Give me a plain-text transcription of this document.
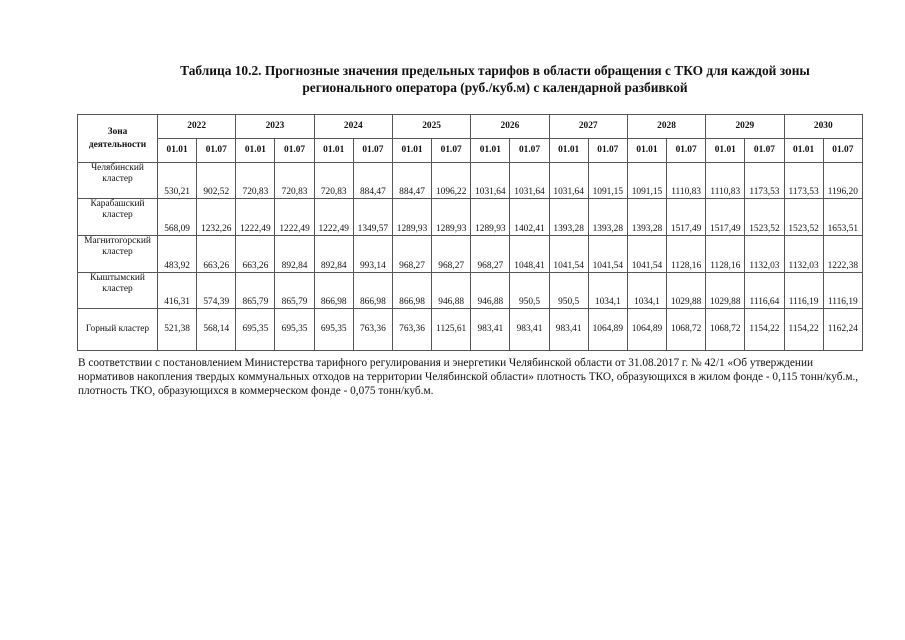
Таблица 10.2. Прогнозные значения предельных тарифов в области обращения с ТКО для каждой зоны
регионального оператора (руб./куб.м) с календарной разбивкой
Зона
деятельности	2022		2023		2024		2025		2026		2027		2028		2029		2030	
	01.01	01.07	01.01	01.07	01.01	01.07	01.01	01.07	01.01	01.07	01.01	01.07	01.01	01.07	01.01	01.07	01.01	01.07

Челябинский
кластер	530,21	902,52	720,83	720,83	720,83	884,47	884,47	1096,22	1031,64	1031,64	1031,64	1091,15	1091,15	1110,83	1110,83	1173,53	1173,53	1196,20

Карабашский
кластер	568,09	1232,26	1222,49	1222,49	1222,49	1349,57	1289,93	1289,93	1289,93	1402,41	1393,28	1393,28	1393,28	1517,49	1517,49	1523,52	1523,52	1653,51

Магнитогорский
кластер	483,92	663,26	663,26	892,84	892,84	993,14	968,27	968,27	968,27	1048,41	1041,54	1041,54	1041,54	1128,16	1128,16	1132,03	1132,03	1222,38

Кыштымский
кластер	416,31	574,39	865,79	865,79	866,98	866,98	866,98	946,88	946,88	950,5	950,5	1034,1	1034,1	1029,88	1029,88	1116,64	1116,19	1116,19

Горный кластер	521,38	568,14	695,35	695,35	695,35	763,36	763,36	1125,61	983,41	983,41	983,41	1064,89	1064,89	1068,72	1068,72	1154,22	1154,22	1162,24
В соответствии с постановлением Министерства тарифного регулирования и энергетики Челябинской области от 31.08.2017 г. № 42/1 «Об утверждении нормативов накопления твердых коммунальных отходов на территории Челябинской области» плотность ТКО, образующихся в жилом фонде - 0,115 тонн/куб.м., плотность ТКО, образующихся в коммерческом фонде - 0,075 тонн/куб.м.
